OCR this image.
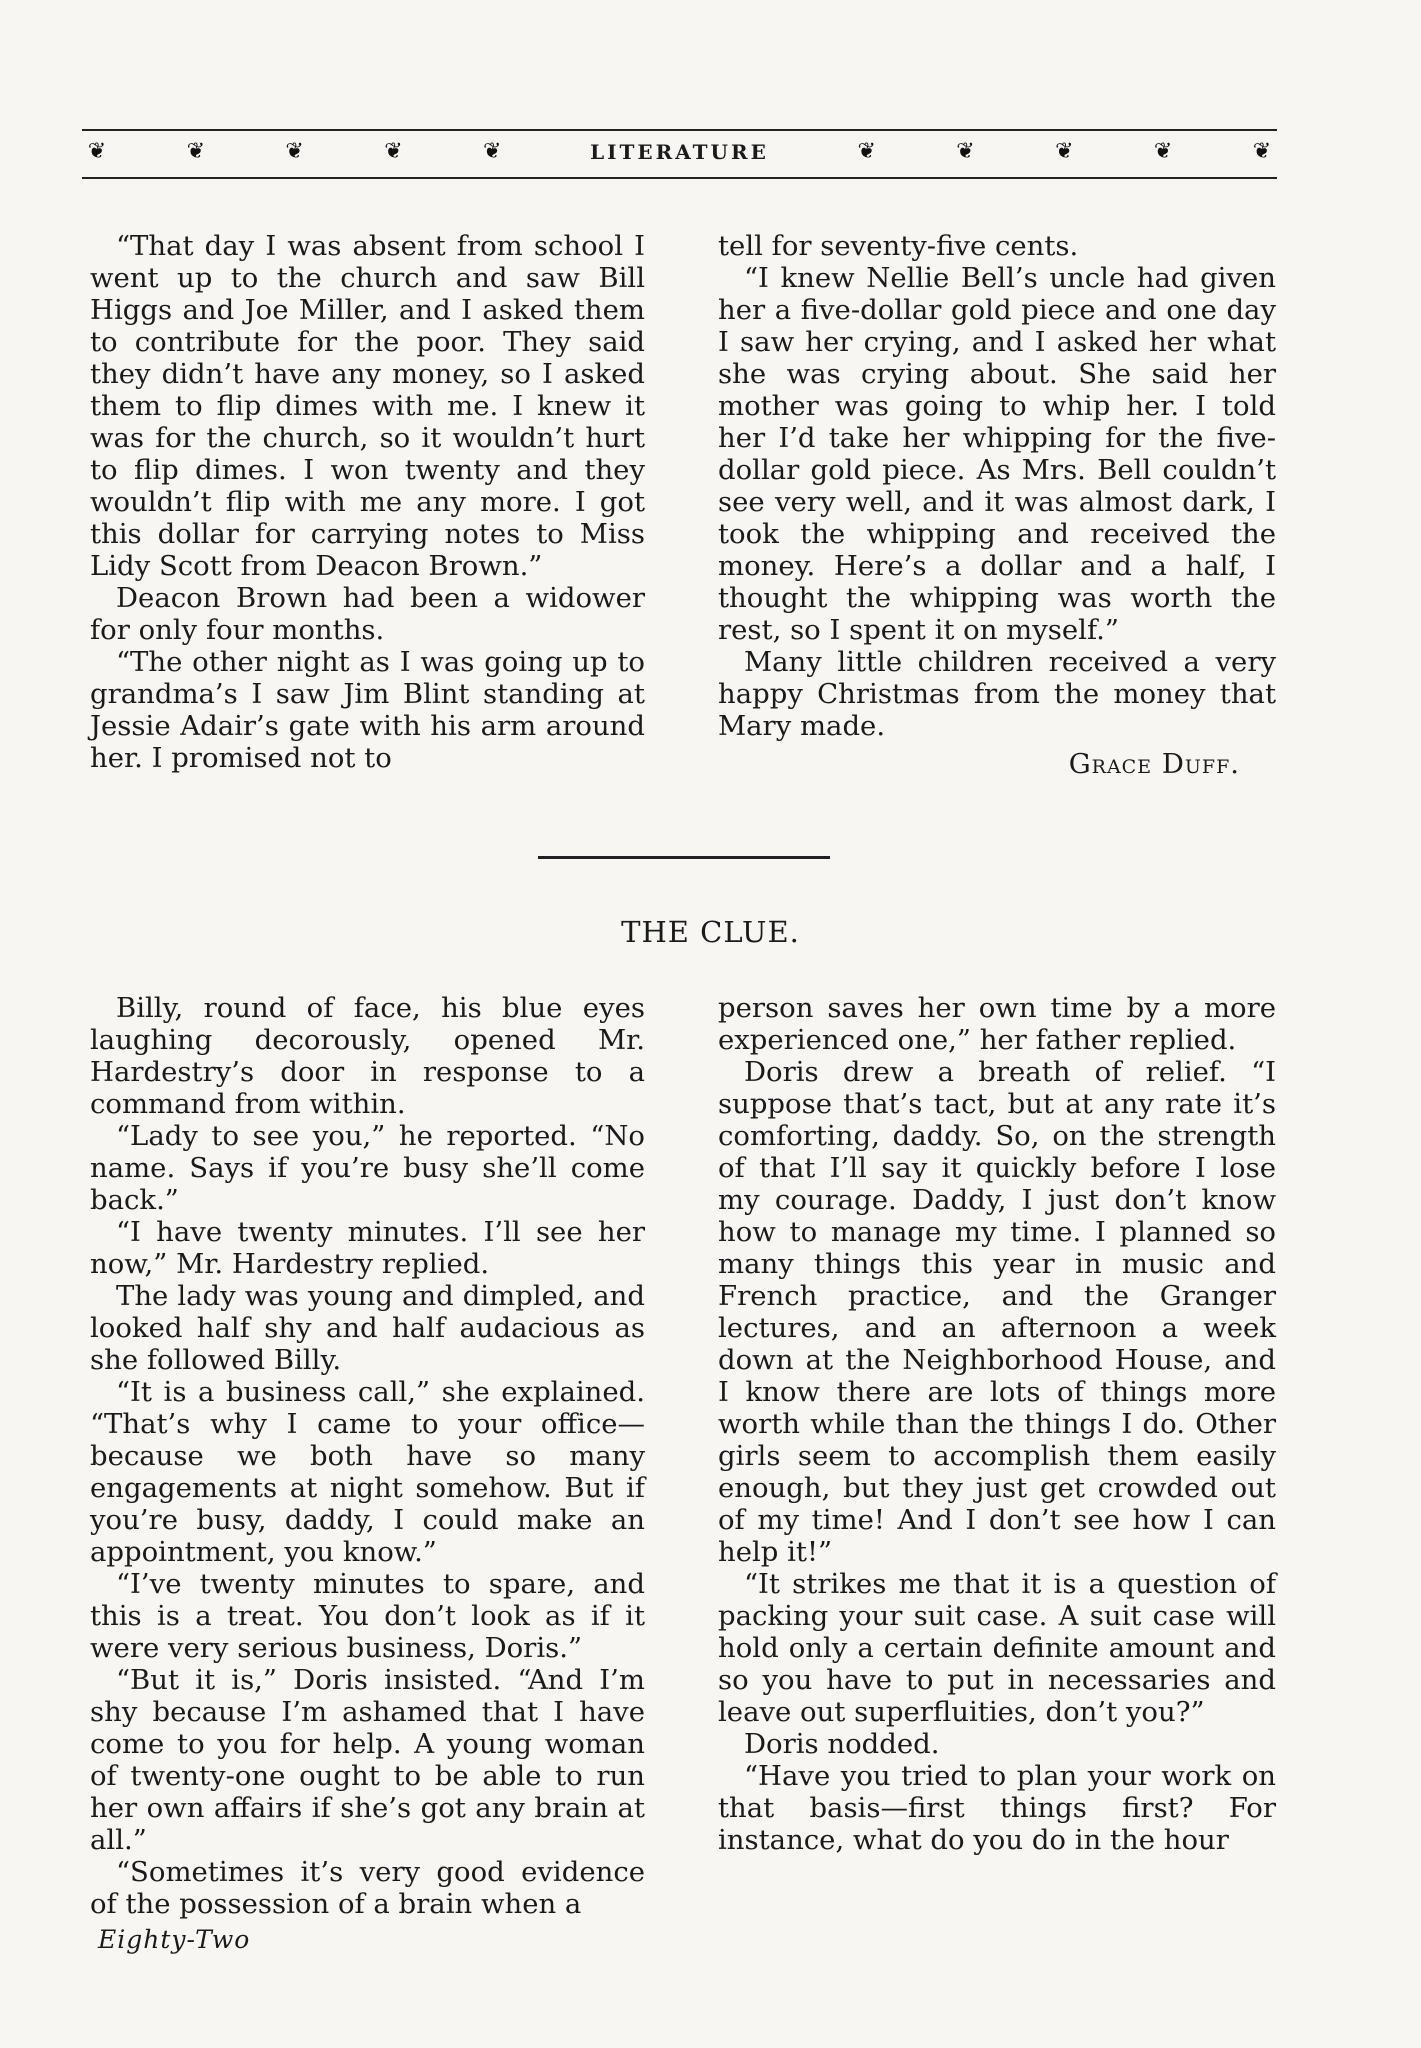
❦	❦	❦	❦	❦	LITERATURE	❦	❦	❦	❦	❦

“That day I was absent from school I went up to the church and saw Bill Higgs and Joe Miller, and I asked them to contribute for the poor. They said they didn’t have any money, so I asked them to flip dimes with me. I knew it was for the church, so it wouldn’t hurt to flip dimes. I won twenty and they wouldn’t flip with me any more. I got this dollar for carrying notes to Miss Lidy Scott from Deacon Brown.”

Deacon Brown had been a widower for only four months.

“The other night as I was going up to grandma’s I saw Jim Blint standing at Jessie Adair’s gate with his arm around her. I promised not to

tell for seventy-five cents.

“I knew Nellie Bell’s uncle had given her a five-dollar gold piece and one day I saw her crying, and I asked her what she was crying about. She said her mother was going to whip her. I told her I’d take her whipping for the five-dollar gold piece. As Mrs. Bell couldn’t see very well, and it was almost dark, I took the whipping and received the money. Here’s a dollar and a half, I thought the whipping was worth the rest, so I spent it on myself.”

Many little children received a very happy Christmas from the money that Mary made.

Grace Duff.

THE CLUE.

Billy, round of face, his blue eyes laughing decorously, opened Mr. Hardestry’s door in response to a command from within.

“Lady to see you,” he reported. “No name. Says if you’re busy she’ll come back.”

“I have twenty minutes. I’ll see her now,” Mr. Hardestry replied.

The lady was young and dimpled, and looked half shy and half audacious as she followed Billy.

“It is a business call,” she explained. “That’s why I came to your office—because we both have so many engagements at night somehow. But if you’re busy, daddy, I could make an appointment, you know.”

“I’ve twenty minutes to spare, and this is a treat. You don’t look as if it were very serious business, Doris.”

“But it is,” Doris insisted. “And I’m shy because I’m ashamed that I have come to you for help. A young woman of twenty-one ought to be able to run her own affairs if she’s got any brain at all.”

“Sometimes it’s very good evidence of the possession of a brain when a

person saves her own time by a more experienced one,” her father replied.

Doris drew a breath of relief. “I suppose that’s tact, but at any rate it’s comforting, daddy. So, on the strength of that I’ll say it quickly before I lose my courage. Daddy, I just don’t know how to manage my time. I planned so many things this year in music and French practice, and the Granger lectures, and an afternoon a week down at the Neighborhood House, and I know there are lots of things more worth while than the things I do. Other girls seem to accomplish them easily enough, but they just get crowded out of my time! And I don’t see how I can help it!”

“It strikes me that it is a question of packing your suit case. A suit case will hold only a certain definite amount and so you have to put in necessaries and leave out superfluities, don’t you?”

Doris nodded.

“Have you tried to plan your work on that basis—first things first? For instance, what do you do in the hour

Eighty-Two
